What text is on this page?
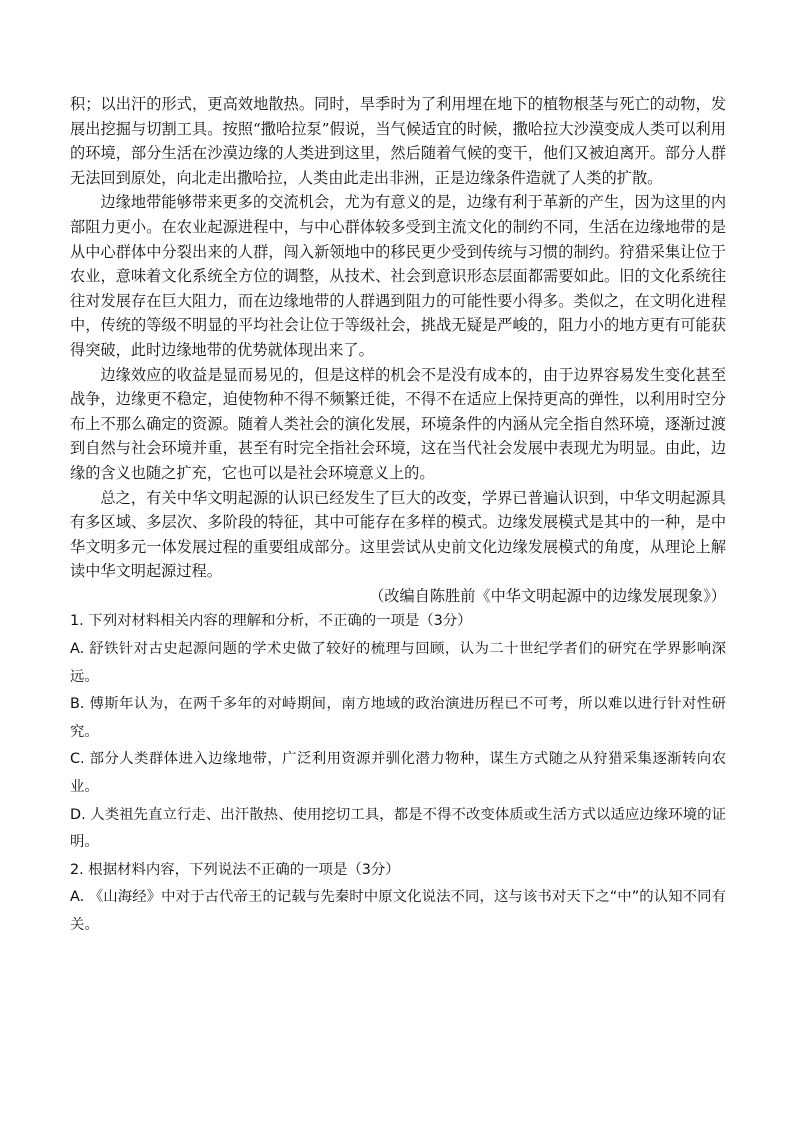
积；以出汗的形式，更高效地散热。同时，旱季时为了利用埋在地下的植物根茎与死亡的动物，发展出挖掘与切割工具。按照“撒哈拉泵”假说，当气候适宜的时候，撒哈拉大沙漠变成人类可以利用的环境，部分生活在沙漠边缘的人类进到这里，然后随着气候的变干，他们又被迫离开。部分人群无法回到原处，向北走出撒哈拉，人类由此走出非洲，正是边缘条件造就了人类的扩散。

边缘地带能够带来更多的交流机会，尤为有意义的是，边缘有利于革新的产生，因为这里的内部阻力更小。在农业起源进程中，与中心群体较多受到主流文化的制约不同，生活在边缘地带的是从中心群体中分裂出来的人群，闯入新领地中的移民更少受到传统与习惯的制约。狩猎采集让位于农业，意味着文化系统全方位的调整，从技术、社会到意识形态层面都需要如此。旧的文化系统往往对发展存在巨大阻力，而在边缘地带的人群遇到阻力的可能性要小得多。类似之，在文明化进程中，传统的等级不明显的平均社会让位于等级社会，挑战无疑是严峻的，阻力小的地方更有可能获得突破，此时边缘地带的优势就体现出来了。

边缘效应的收益是显而易见的，但是这样的机会不是没有成本的，由于边界容易发生变化甚至战争，边缘更不稳定，迫使物种不得不频繁迁徙，不得不在适应上保持更高的弹性，以利用时空分布上不那么确定的资源。随着人类社会的演化发展，环境条件的内涵从完全指自然环境，逐渐过渡到自然与社会环境并重，甚至有时完全指社会环境，这在当代社会发展中表现尤为明显。由此，边缘的含义也随之扩充，它也可以是社会环境意义上的。

总之，有关中华文明起源的认识已经发生了巨大的改变，学界已普遍认识到，中华文明起源具有多区域、多层次、多阶段的特征，其中可能存在多样的模式。边缘发展模式是其中的一种，是中华文明多元一体发展过程的重要组成部分。这里尝试从史前文化边缘发展模式的角度，从理论上解读中华文明起源过程。

（改编自陈胜前《中华文明起源中的边缘发展现象》）

1. 下列对材料相关内容的理解和分析，不正确的一项是（3分）

A. 舒铁针对古史起源问题的学术史做了较好的梳理与回顾，认为二十世纪学者们的研究在学界影响深远。

B. 傅斯年认为，在两千多年的对峙期间，南方地域的政治演进历程已不可考，所以难以进行针对性研究。

C. 部分人类群体进入边缘地带，广泛利用资源并驯化潜力物种，谋生方式随之从狩猎采集逐渐转向农业。

D. 人类祖先直立行走、出汗散热、使用挖切工具，都是不得不改变体质或生活方式以适应边缘环境的证明。

2. 根据材料内容，下列说法不正确的一项是（3分）

A. 《山海经》中对于古代帝王的记载与先秦时中原文化说法不同，这与该书对天下之“中”的认知不同有关。
